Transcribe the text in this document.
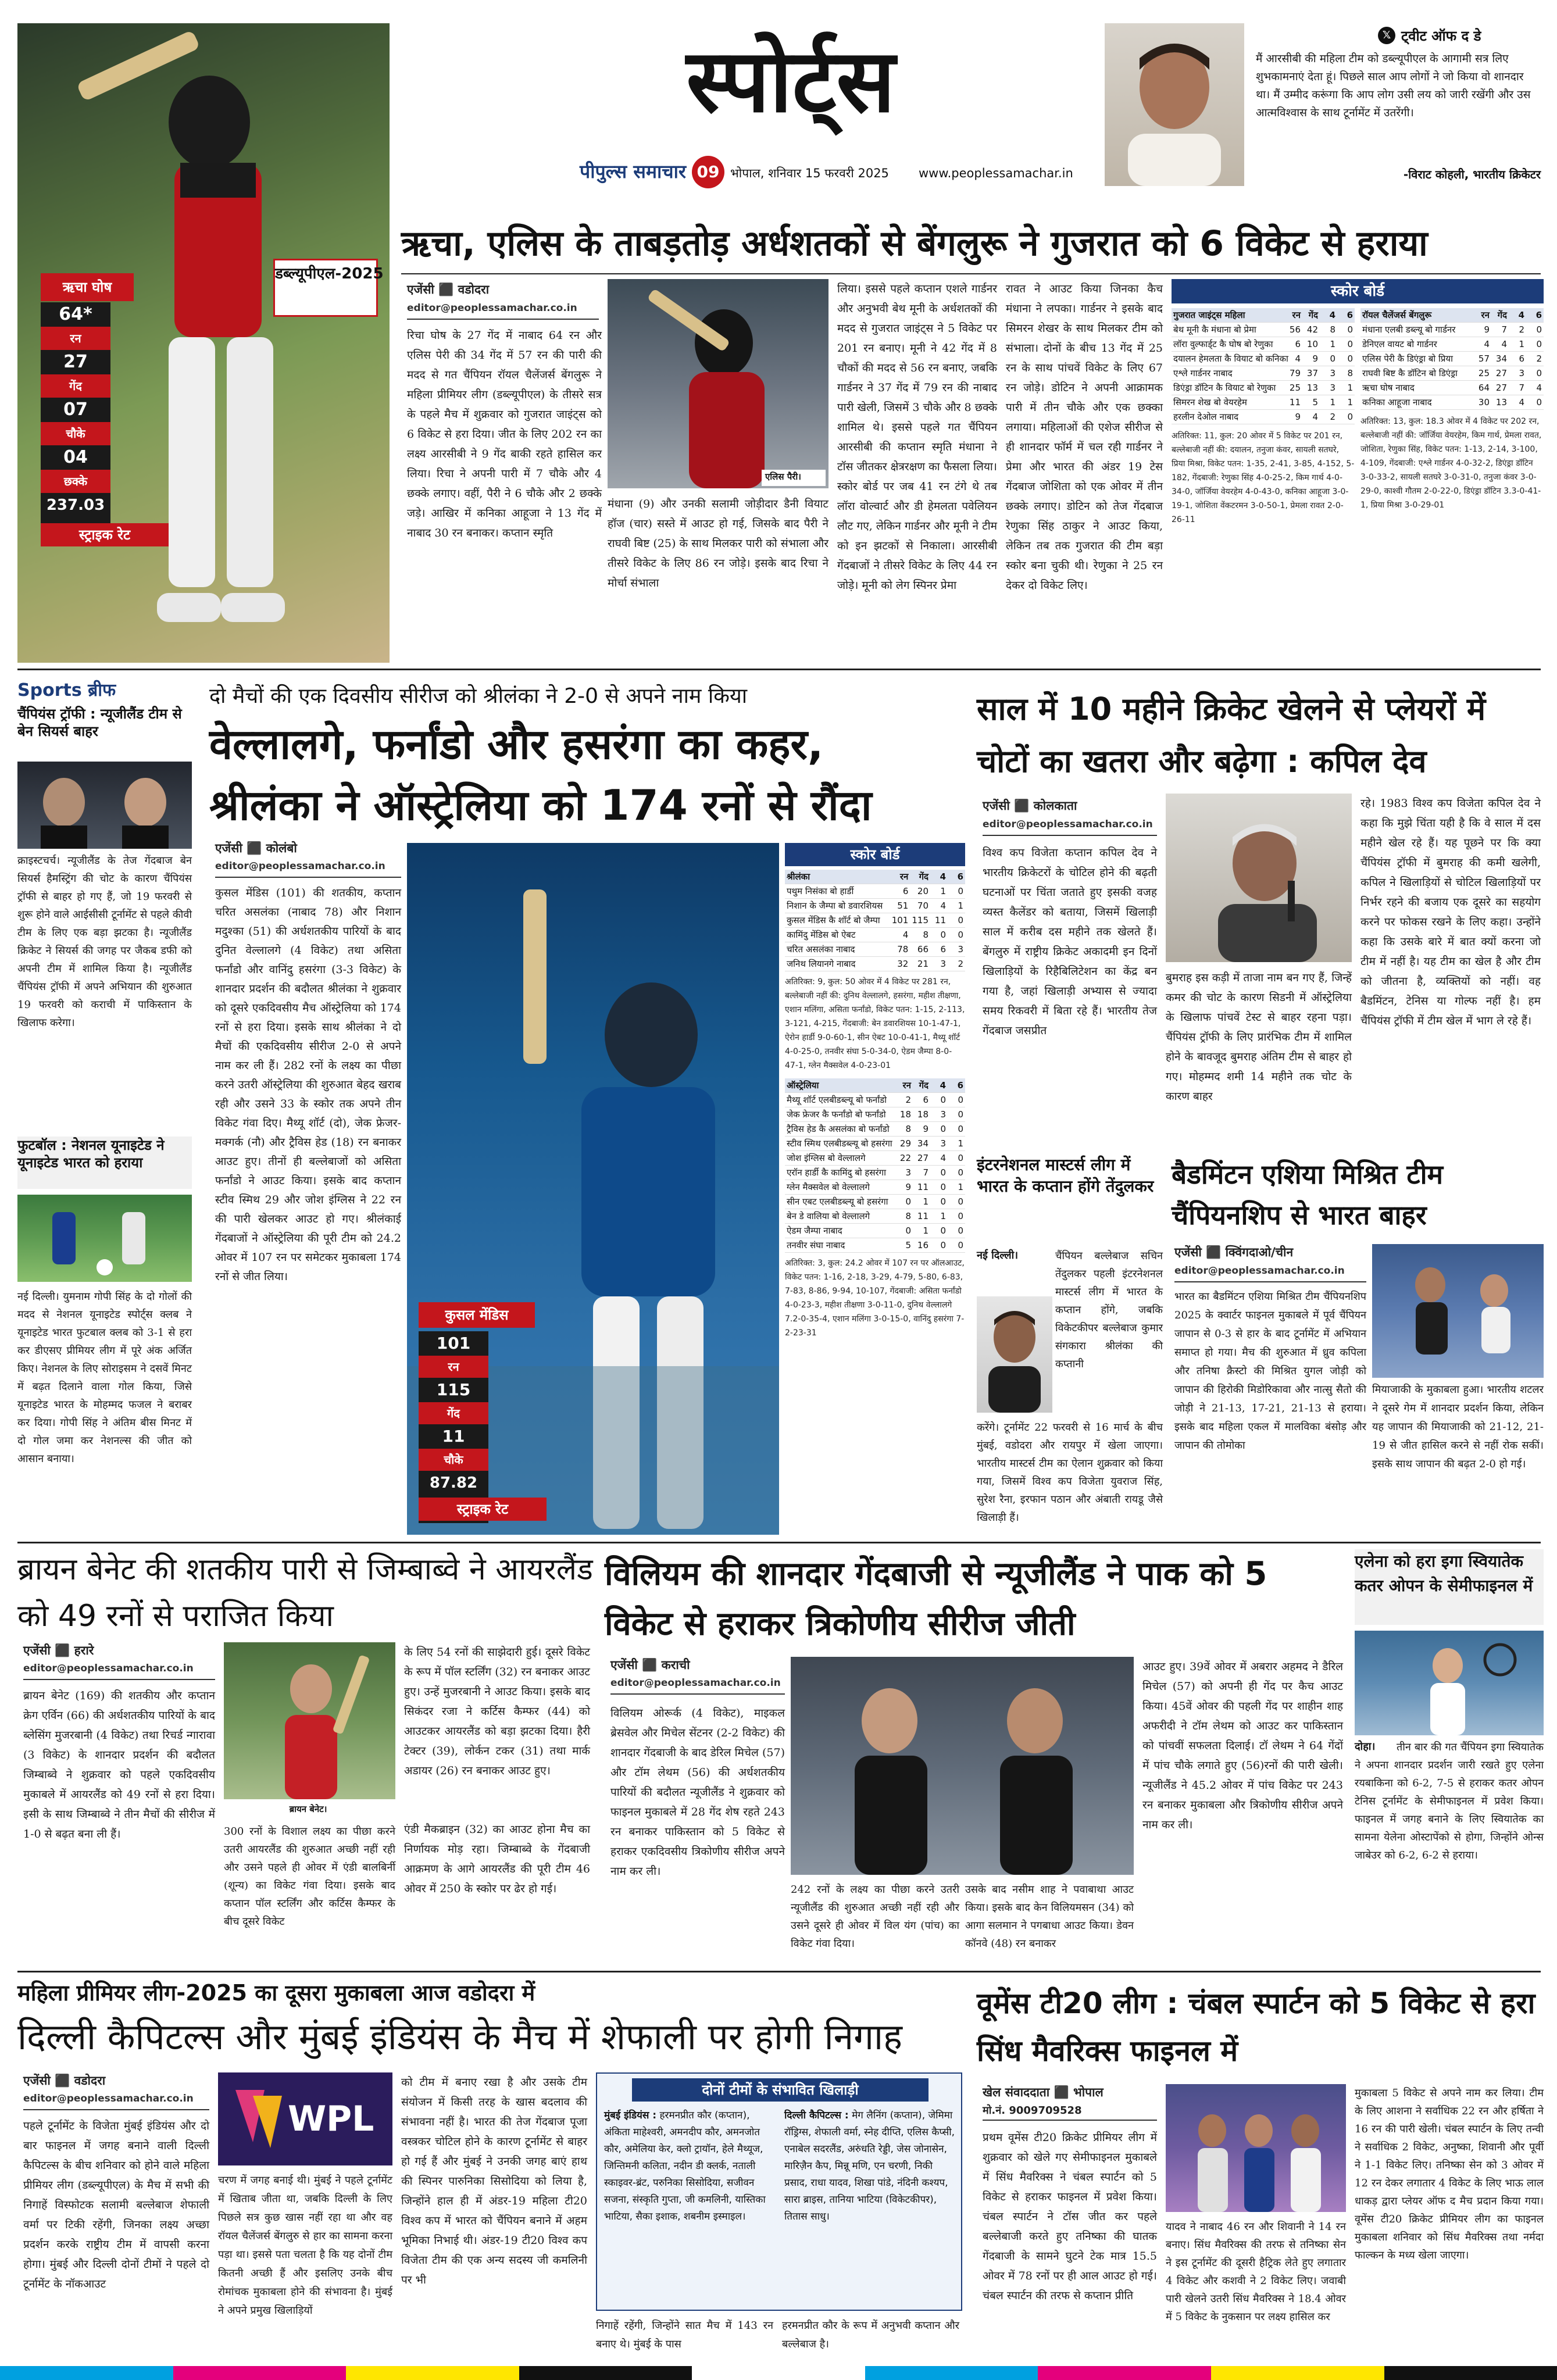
डब्ल्यूपीएल-2025
ऋचा घोष
64*
रन
27
गेंद
07
चौके
04
छक्के
237.03
स्ट्राइक रेट
स्पोर्ट्स
पीपुल्स समाचार 09 भोपाल, शनिवार 15 फरवरी 2025	www.peoplessamachar.in
𝕏 ट्वीट ऑफ द डे
मैं आरसीबी की महिला टीम को डब्ल्यूपीएल के आगामी सत्र लिए शुभकामनाएं देता हूं। पिछले साल आप लोगों ने जो किया वो शानदार था। मैं उम्मीद करूंगा कि आप लोग उसी लय को जारी रखेंगी और उस आत्मविश्वास के साथ टूर्नामेंट में उतरेंगी।
-विराट कोहली, भारतीय क्रिकेटर
ऋचा, एलिस के ताबड़तोड़ अर्धशतकों से बेंगलुरू ने गुजरात को 6 विकेट से हराया
एजेंसी ⬛ वडोदरा
editor@peoplessamachar.co.in
रिचा घोष के 27 गेंद में नाबाद 64 रन और एलिस पेरी की 34 गेंद में 57 रन की पारी की मदद से गत चैंपियन रॉयल चैलेंजर्स बेंगलुरू ने महिला प्रीमियर लीग (डब्ल्यूपीएल) के तीसरे सत्र के पहले मैच में शुक्रवार को गुजरात जाइंट्स को 6 विकेट से हरा दिया। जीत के लिए 202 रन का लक्ष्य आरसीबी ने 9 गेंद बाकी रहते हासिल कर लिया। रिचा ने अपनी पारी में 7 चौके और 4 छक्के लगाए। वहीं, पैरी ने 6 चौके और 2 छक्के जड़े। आखिर में कनिका आहूजा ने 13 गेंद में नाबाद 30 रन बनाकर। कप्तान स्मृति
एलिस पैरी।
मंधाना (9) और उनकी सलामी जोड़ीदार डैनी वियाट हॉज (चार) सस्ते में आउट हो गई, जिसके बाद पैरी ने राघवी बिष्ट (25) के साथ मिलकर पारी को संभाला और तीसरे विकेट के लिए 86 रन जोड़े। इसके बाद रिचा ने मोर्चा संभाला
लिया। इससे पहले कप्तान एशले गार्डनर और अनुभवी बेथ मूनी के अर्धशतकों की मदद से गुजरात जाइंट्स ने 5 विकेट पर 201 रन बनाए। मूनी ने 42 गेंद में 8 चौकों की मदद से 56 रन बनाए, जबकि गार्डनर ने 37 गेंद में 79 रन की नाबाद पारी खेली, जिसमें 3 चौके और 8 छक्के शामिल थे। इससे पहले गत चैंपियन आरसीबी की कप्तान स्मृति मंधाना ने टॉस जीतकर क्षेत्ररक्षण का फैसला लिया। स्कोर बोर्ड पर जब 41 रन टंगे थे तब लॉरा वोल्वार्ट और डी हेमलता पवेलियन लौट गए, लेकिन गार्डनर और मूनी ने टीम को इन झटकों से निकाला। आरसीबी गेंदबाजों ने तीसरे विकेट के लिए 44 रन जोड़े। मूनी को लेग स्पिनर प्रेमा
रावत ने आउट किया जिनका कैच मंधाना ने लपका। गार्डनर ने इसके बाद सिमरन शेखर के साथ मिलकर टीम को संभाला। दोनों के बीच 13 गेंद में 25 रन के साथ पांचवें विकेट के लिए 67 रन जोड़े। डोटिन ने अपनी आक्रामक पारी में तीन चौके और एक छक्का लगाया। महिलाओं की एशेज सीरीज से ही शानदार फॉर्म में चल रही गार्डनर ने प्रेमा और भारत की अंडर 19 टेस गेंदबाज जोशिता को एक ओवर में तीन छक्के लगाए। डोटिन को तेज गेंदबाज रेणुका सिंह ठाकुर ने आउट किया, लेकिन तब तक गुजरात की टीम बड़ा स्कोर बना चुकी थी। रेणुका ने 25 रन देकर दो विकेट लिए।
स्कोर बोर्ड
गुजरात जाइंट्स महिला	रन	गेंद	4	6
बेथ मूनी कै मंधाना बो प्रेमा	56	42	8	0
लॉरा वुल्फार्ड्ट कै घोष बो रेणुका	6	10	1	0
दयालन हेमलता कै वियाट बो कनिका	4	9	0	0
एश्ले गार्डनर नाबाद	79	37	3	8
डिएंड्रा डॉटिन कै वियाट बो रेणुका	25	13	3	1
सिमरन शेख बो वेयरहेम	11	5	1	1
हरलीन देओल नाबाद	9	4	2	0
अतिरिक्त: 11, कुल: 20 ओवर में 5 विकेट पर 201 रन, बल्लेबाजी नहीं की: दयालन, तनुजा कंवर, सायली सतघरे, प्रिया मिश्रा, विकेट पतन: 1-35, 2-41, 3-85, 4-152, 5-182, गेंदबाजी: रेणुका सिंह 4-0-25-2, किम गार्थ 4-0-34-0, जॉर्जिया वेयरहेम 4-0-43-0, कनिका आहूजा 3-0-19-1, जोशिता वेंकटरमन 3-0-50-1, प्रेमला रावत 2-0-26-11
रॉयल चैलेंजर्स बेंगलुरू	रन	गेंद	4	6
मंधाना एलबी डब्ल्यू बो गार्डनर	9	7	2	0
डेनिएल वायट बो गार्डनर	4	4	1	0
एलिस पेरी कै डिएंड्रा बो प्रिया	57	34	6	2
राघवी बिष्ट कै डॉटिन बो डिएंड्रा	25	27	3	0
ऋचा घोष नाबाद	64	27	7	4
कनिका आहूजा नाबाद	30	13	4	0
अतिरिक्त: 13, कुल: 18.3 ओवर में 4 विकेट पर 202 रन, बल्लेबाजी नहीं की: जॉर्जिया वेयरहेम, किम गार्थ, प्रेमला रावत, जोशिता, रेणुका सिंह, विकेट पतन: 1-13, 2-14, 3-100, 4-109, गेंदबाजी: एश्ले गार्डनर 4-0-32-2, डिएंड्रा डॉटिन 3-0-33-2, सायली सतघरे 3-0-31-0, तनुजा कंवर 3-0-29-0, काश्वी गौतम 2-0-22-0, डिएंड्रा डॉटिन 3.3-0-41-1, प्रिया मिश्रा 3-0-29-01
Sports ब्रीफ
चैंपियंस ट्रॉफी : न्यूजीलैंड टीम से बेन सियर्स बाहर
क्राइस्टचर्च। न्यूजीलैंड के तेज गेंदबाज बेन सियर्स हैमस्ट्रिंग की चोट के कारण चैंपियंस ट्रॉफी से बाहर हो गए हैं, जो 19 फरवरी से शुरू होने वाले आईसीसी टूर्नामेंट से पहले कीवी टीम के लिए एक बड़ा झटका है। न्यूजीलैंड क्रिकेट ने सियर्स की जगह पर जैकब डफी को अपनी टीम में शामिल किया है। न्यूजीलैंड चैंपियंस ट्रॉफी में अपने अभियान की शुरुआत 19 फरवरी को कराची में पाकिस्तान के खिलाफ करेगा।
फुटबॉल : नेशनल यूनाइटेड ने यूनाइटेड भारत को हराया
नई दिल्ली। युमनाम गोपी सिंह के दो गोलों की मदद से नेशनल यूनाइटेड स्पोर्ट्स क्लब ने यूनाइटेड भारत फुटबाल क्लब को 3-1 से हरा कर डीएसए प्रीमियर लीग में पूरे अंक अर्जित किए। नेशनल के लिए सोराइसम ने दसवें मिनट में बढ़त दिलाने वाला गोल किया, जिसे यूनाइटेड भारत के मोहम्मद फजल ने बराबर कर दिया। गोपी सिंह ने अंतिम बीस मिनट में दो गोल जमा कर नेशनल्स की जीत को आसान बनाया।
दो मैचों की एक दिवसीय सीरीज को श्रीलंका ने 2-0 से अपने नाम किया
वेल्लालगे, फर्नांडो और हसरंगा का कहर,
श्रीलंका ने ऑस्ट्रेलिया को 174 रनों से रौंदा
एजेंसी ⬛ कोलंबो
editor@peoplessamachar.co.in
कुसल मेंडिस (101) की शतकीय, कप्तान चरित असलंका (नाबाद 78) और निशान मदुश्का (51) की अर्धशतकीय पारियों के बाद दुनित वेल्लालगे (4 विकेट) तथा असिता फर्नांडो और वानिंदु हसरंगा (3-3 विकेट) के शानदार प्रदर्शन की बदौलत श्रीलंका ने शुक्रवार को दूसरे एकदिवसीय मैच ऑस्ट्रेलिया को 174 रनों से हरा दिया। इसके साथ श्रीलंका ने दो मैचों की एकदिवसीय सीरीज 2-0 से अपने नाम कर ली हैं। 282 रनों के लक्ष्य का पीछा करने उतरी ऑस्ट्रेलिया की शुरुआत बेहद खराब रही और उसने 33 के स्कोर तक अपने तीन विकेट गंवा दिए। मैथ्यू शॉर्ट (दो), जेक फ्रेजर-मक्गर्क (नौ) और ट्रैविस हेड (18) रन बनाकर आउट हुए। तीनों ही बल्लेबाजों को असिता फर्नांडो ने आउट किया। इसके बाद कप्तान स्टीव स्मिथ 29 और जोश इंग्लिस ने 22 रन की पारी खेलकर आउट हो गए। श्रीलंकाई गेंदबाजों ने ऑस्ट्रेलिया की पूरी टीम को 24.2 ओवर में 107 रन पर समेटकर मुकाबला 174 रनों से जीत लिया।
कुसल मेंडिस
101
रन
115
गेंद
11
चौके
87.82
स्ट्राइक रेट
स्कोर बोर्ड
श्रीलंका	रन	गेंद	4	6
पथुम निसंका बो हार्डी	6	20	1	0
निशान के जैम्पा बो डवारशियस	51	70	4	1
कुसल मेंडिस कै शॉर्ट बो जैम्पा	101	115	11	0
कामिंदु मेंडिस बो ऐबट	4	8	0	0
चरित असलंका नाबाद	78	66	6	3
जनिथ लियानगे नाबाद	32	21	3	2
अतिरिक्त: 9, कुल: 50 ओवर में 4 विकेट पर 281 रन, बल्लेबाजी नहीं की: दुनिथ वेल्लालगे, हसरंगा, महीश तीक्षणा, एशान मलिंगा, असिता फर्नांडो, विकेट पतन: 1-15, 2-113, 3-121, 4-215, गेंदबाजी: बेन डवारशियस 10-1-47-1, ऐरोन हार्डी 9-0-60-1, सीन ऐबट 10-0-41-1, मैथ्यू शॉर्ट 4-0-25-0, तनवीर संघा 5-0-34-0, ऐडम जैम्पा 8-0-47-1, ग्लेन मैक्सवेल 4-0-23-01
ऑस्ट्रेलिया	रन	गेंद	4	6
मैथ्यू शॉर्ट एलबीडब्ल्यू बो फर्नांडो	2	6	0	0
जेक फ्रेजर कै फर्नांडो बो फर्नांडो	18	18	3	0
ट्रैविस हेड कै असलंका बो फर्नांडो	8	9	0	0
स्टीव स्मिथ एलबीडब्ल्यू बो हसरंगा	29	34	3	1
जोश इंग्लिस बो वेल्लालगे	22	27	4	0
एरॉन हार्डी कै कामिंदु बो हसरंगा	3	7	0	0
ग्लेन मैक्सवेल बो वेल्लालगे	9	11	0	1
सीन एबट एलबीडब्ल्यू बो हसरंगा	0	1	0	0
बेन डे वालिया बो वेल्लालगे	8	11	1	0
ऐडम जैम्पा नाबाद	0	1	0	0
तनवीर संघा नाबाद	5	16	0	0
अतिरिक्त: 3, कुल: 24.2 ओवर में 107 रन पर ऑलआउट, विकेट पतन: 1-16, 2-18, 3-29, 4-79, 5-80, 6-83, 7-83, 8-86, 9-94, 10-107, गेंदबाजी: असिता फर्नांडो 4-0-23-3, महीश तीक्षणा 3-0-11-0, दुनिथ वेल्लालगे 7.2-0-35-4, एशान मलिंगा 3-0-15-0, वानिंदु हसरंगा 7-2-23-31
साल में 10 महीने क्रिकेट खेलने से प्लेयरों में चोटों का खतरा और बढ़ेगा : कपिल देव
एजेंसी ⬛ कोलकाता
editor@peoplessamachar.co.in
विश्व कप विजेता कप्तान कपिल देव ने भारतीय क्रिकेटरों के चोटिल होने की बढ़ती घटनाओं पर चिंता जताते हुए इसकी वजह व्यस्त कैलेंडर को बताया, जिसमें खिलाड़ी साल में करीब दस महीने तक खेलते हैं। बेंगलुरु में राष्ट्रीय क्रिकेट अकादमी इन दिनों खिलाड़ियों के रिहैबिलिटेशन का केंद्र बन गया है, जहां खिलाड़ी अभ्यास से ज्यादा समय रिकवरी में बिता रहे हैं। भारतीय तेज गेंदबाज जसप्रीत
बुमराह इस कड़ी में ताजा नाम बन गए हैं, जिन्हें कमर की चोट के कारण सिडनी में ऑस्ट्रेलिया के खिलाफ पांचवें टेस्ट से बाहर रहना पड़ा। चैंपियंस ट्रॉफी के लिए प्रारंभिक टीम में शामिल होने के बावजूद बुमराह अंतिम टीम से बाहर हो गए। मोहम्मद शमी 14 महीने तक चोट के कारण बाहर
रहे। 1983 विश्व कप विजेता कपिल देव ने कहा कि मुझे चिंता यही है कि वे साल में दस महीने खेल रहे हैं। यह पूछने पर कि क्या चैंपियंस ट्रॉफी में बुमराह की कमी खलेगी, कपिल ने खिलाड़ियों से चोटिल खिलाड़ियों पर निर्भर रहने की बजाय एक दूसरे का सहयोग करने पर फोकस रखने के लिए कहा। उन्होंने कहा कि उसके बारे में बात क्यों करना जो टीम में नहीं है। यह टीम का खेल है और टीम को जीतना है, व्यक्तियों को नहीं। वह बैडमिंटन, टेनिस या गोल्फ नहीं है। हम चैंपियंस ट्रॉफी में टीम खेल में भाग ले रहे हैं।
इंटरनेशनल मास्टर्स लीग में भारत के कप्तान होंगे तेंदुलकर
चैंपियन बल्लेबाज सचिन तेंदुलकर पहली इंटरनेशनल मास्टर्स लीग में भारत के कप्तान होंगे, जबकि विकेटकीपर बल्लेबाज कुमार संगकारा श्रीलंका की कप्तानी
नई दिल्ली।
करेंगे। टूर्नामेंट 22 फरवरी से 16 मार्च के बीच मुंबई, वडोदरा और रायपुर में खेला जाएगा। भारतीय मास्टर्स टीम का ऐलान शुक्रवार को किया गया, जिसमें विश्व कप विजेता युवराज सिंह, सुरेश रैना, इरफान पठान और अंबाती रायडू जैसे खिलाड़ी हैं।
बैडमिंटन एशिया मिश्रित टीम चैंपियनशिप से भारत बाहर
एजेंसी ⬛ क्विंगदाओ/चीन
editor@peoplessamachar.co.in
भारत का बैडमिंटन एशिया मिश्रित टीम चैंपियनशिप 2025 के क्वार्टर फाइनल मुकाबले में पूर्व चैंपियन जापान से 0-3 से हार के बाद टूर्नामेंट में अभियान समाप्त हो गया। मैच की शुरुआत में ध्रुव कपिला और तनिषा क्रैस्टो की मिश्रित युगल जोड़ी को जापान की हिरोकी मिडोरिकावा और नात्सु सैतो की जोड़ी ने 21-13, 17-21, 21-13 से हराया। इसके बाद महिला एकल में मालविका बंसोड़ और जापान की तोमोका
मियाजाकी के मुकाबला हुआ। भारतीय शटलर ने दूसरे गेम में शानदार प्रदर्शन किया, लेकिन यह जापान की मियाजाकी को 21-12, 21-19 से जीत हासिल करने से नहीं रोक सकीं। इसके साथ जापान की बढ़त 2-0 हो गई।
ब्रायन बेनेट की शतकीय पारी से जिम्बाब्वे ने आयरलैंड को 49 रनों से पराजित किया
एजेंसी ⬛ हरारे
editor@peoplessamachar.co.in
ब्रायन बेनेट (169) की शतकीय और कप्तान क्रेग एर्विन (66) की अर्धशतकीय पारियों के बाद ब्लेसिंग मुजरबानी (4 विकेट) तथा रिचर्ड न्गारावा (3 विकेट) के शानदार प्रदर्शन की बदौलत जिम्बाब्वे ने शुक्रवार को पहले एकदिवसीय मुकाबले में आयरलैंड को 49 रनों से हरा दिया। इसी के साथ जिम्बाब्वे ने तीन मैचों की सीरीज में 1-0 से बढ़त बना ली हैं।
ब्रायन बेनेट।
300 रनों के विशाल लक्ष्य का पीछा करने उतरी आयरलैंड की शुरुआत अच्छी नहीं रही और उसने पहले ही ओवर में एंडी बालबिर्नी (शून्य) का विकेट गंवा दिया। इसके बाद कप्तान पॉल स्टर्लिंग और कर्टिस कैम्फर के बीच दूसरे विकेट
के लिए 54 रनों की साझेदारी हुई। दूसरे विकेट के रूप में पॉल स्टर्लिंग (32) रन बनाकर आउट हुए। उन्हें मुजरबानी ने आउट किया। इसके बाद सिकंदर रजा ने कर्टिस कैम्फर (44) को आउटकर आयरलैंड को बड़ा झटका दिया। हैरी टेक्टर (39), लोर्कन टकर (31) तथा मार्क अडायर (26) रन बनाकर आउट हुए।
एंडी मैकब्राइन (32) का आउट होना मैच का निर्णायक मोड़ रहा। जिम्बाब्वे के गेंदबाजी आक्रमण के आगे आयरलैंड की पूरी टीम 46 ओवर में 250 के स्कोर पर ढेर हो गई।
विलियम की शानदार गेंदबाजी से न्यूजीलैंड ने पाक को 5 विकेट से हराकर त्रिकोणीय सीरीज जीती
एजेंसी ⬛ कराची
editor@peoplessamachar.co.in
विलियम ओरूर्क (4 विकेट), माइकल ब्रेसवेल और मिचेल सेंटनर (2-2 विकेट) की शानदार गेंदबाजी के बाद डेरिल मिचेल (57) और टॉम लेथम (56) की अर्धशतकीय पारियों की बदौलत न्यूजीलैंड ने शुक्रवार को फाइनल मुकाबले में 28 गेंद शेष रहते 243 रन बनाकर पाकिस्तान को 5 विकेट से हराकर एकदिवसीय त्रिकोणीय सीरीज अपने नाम कर ली।
242 रनों के लक्ष्य का पीछा करने उतरी न्यूजीलैंड की शुरुआत अच्छी नहीं रही और उसने दूसरे ही ओवर में विल यंग (पांच) का विकेट गंवा दिया।
उसके बाद नसीम शाह ने पवाबाथा आउट किया। इसके बाद केन विलियमसन (34) को आगा सलमान ने पगबाधा आउट किया। डेवन कॉनवे (48) रन बनाकर
आउट हुए। 39वें ओवर में अबरार अहमद ने डैरिल मिचेल (57) को अपनी ही गेंद पर कैच आउट किया। 45वें ओवर की पहली गेंद पर शाहीन शाह अफरीदी ने टॉम लेथम को आउट कर पाकिस्तान को पांचवीं सफलता दिलाई। टॉ लेथम ने 64 गेंदों में पांच चौके लगाते हुए (56)रनों की पारी खेली। न्यूजीलैंड ने 45.2 ओवर में पांच विकेट पर 243 रन बनाकर मुकाबला और त्रिकोणीय सीरीज अपने नाम कर ली।
एलेना को हरा इगा स्वियातेक कतर ओपन के सेमीफाइनल में
दोहा।	तीन बार की गत चैंपियन इगा स्वियातेक ने अपना शानदार प्रदर्शन जारी रखते हुए एलेना रयबाकिना को 6-2, 7-5 से हराकर कतर ओपन टेनिस टूर्नामेंट के सेमीफाइनल में प्रवेश किया। फाइनल में जगह बनाने के लिए स्वियातेक का सामना येलेना ओस्टापेंको से होगा, जिन्होंने ओन्स जाबेउर को 6-2, 6-2 से हराया।
महिला प्रीमियर लीग-2025 का दूसरा मुकाबला आज वडोदरा में
दिल्ली कैपिटल्स और मुंबई इंडियंस के मैच में शेफाली पर होगी निगाह
एजेंसी ⬛ वडोदरा
editor@peoplessamachar.co.in
पहले टूर्नामेंट के विजेता मुंबई इंडियंस और दो बार फाइनल में जगह बनाने वाली दिल्ली कैपिटल्स के बीच शनिवार को होने वाले महिला प्रीमियर लीग (डब्ल्यूपीएल) के मैच में सभी की निगाहें विस्फोटक सलामी बल्लेबाज शेफाली वर्मा पर टिकी रहेंगी, जिनका लक्ष्य अच्छा प्रदर्शन करके राष्ट्रीय टीम में वापसी करना होगा। मुंबई और दिल्ली दोनों टीमों ने पहले दो टूर्नामेंट के नॉकआउट
WPL
चरण में जगह बनाई थी। मुंबई ने पहले टूर्नामेंट में खिताब जीता था, जबकि दिल्ली के लिए पिछले सत्र कुछ खास नहीं रहा था और वह रॉयल चैलेंजर्स बेंगलुरु से हार का सामना करना पड़ा था। इससे पता चलता है कि यह दोनों टीम कितनी अच्छी हैं और इसलिए उनके बीच रोमांचक मुकाबला होने की संभावना है। मुंबई ने अपने प्रमुख खिलाड़ियों
को टीम में बनाए रखा है और उसके टीम संयोजन में किसी तरह के खास बदलाव की संभावना नहीं है। भारत की तेज गेंदबाज पूजा वस्त्रकर चोटिल होने के कारण टूर्नामेंट से बाहर हो गई हैं और मुंबई ने उनकी जगह बाएं हाथ की स्पिनर पारुनिका सिसोदिया को लिया है, जिन्होंने हाल ही में अंडर-19 महिला टी20 विश्व कप में भारत को चैंपियन बनाने में अहम भूमिका निभाई थी। अंडर-19 टी20 विश्व कप विजेता टीम की एक अन्य सदस्य जी कमलिनी पर भी
दोनों टीमों के संभावित खिलाड़ी
मुंबई इंडियंस : हरमनप्रीत कौर (कप्तान), अंकिता माहेश्वरी, अमनदीप कौर, अमनजोत कौर, अमेलिया केर, क्लो ट्रायॉन, हेले मैथ्यूज, जिन्तिमनी कलिता, नदीन डी क्लर्क, नताली स्काइवर-ब्रंट, परुनिका सिसोदिया, सजीवन सजना, संस्कृति गुप्ता, जी कमलिनी, यास्तिका भाटिया, सैका इशाक, शबनीम इस्माइल।
दिल्ली कैपिटल्स : मेग लैनिंग (कप्तान), जेमिमा रॉड्रिग्स, शेफाली वर्मा, स्नेह दीप्ति, एलिस कैप्सी, एनाबेल सदरलैंड, अरुंधति रेड्डी, जेस जोनासेन, मारिज़ैन कैप, मिन्नू मणि, एन चरणी, निकी प्रसाद, राधा यादव, शिखा पांडे, नंदिनी कश्यप, सारा ब्राइस, तानिया भाटिया (विकेटकीपर), तितास साधु।
निगाहें रहेंगी, जिन्होंने सात मैच में 143 रन बनाए थे। मुंबई के पास
हरमनप्रीत कौर के रूप में अनुभवी कप्तान और बल्लेबाज है।
वूमेंस टी20 लीग : चंबल स्पार्टन को 5 विकेट से हरा सिंध मैवरिक्स फाइनल में
खेल संवाददाता ⬛ भोपाल
मो.नं. 9009709528
प्रथम वूमेंस टी20 क्रिकेट प्रीमियर लीग में शुक्रवार को खेले गए सेमीफाइनल मुकाबले में सिंध मैवरिक्स ने चंबल स्पार्टन को 5 विकेट से हराकर फाइनल में प्रवेश किया। चंबल स्पार्टन ने टॉस जीत कर पहले बल्लेबाजी करते हुए तनिष्का की घातक गेंदबाजी के सामने घुटने टेक मात्र 15.5 ओवर में 78 रनों पर ही आल आउट हो गई। चंबल स्पार्टन की तरफ से कप्तान प्रीति
यादव ने नाबाद 46 रन और शिवानी ने 14 रन बनाए। सिंध मैवरिक्स की तरफ से तनिष्का सेन ने इस टूर्नामेंट की दूसरी हैट्रिक लेते हुए लगातार 4 विकेट और कशवी ने 2 विकेट लिए। जवाबी पारी खेलने उतरी सिंध मैवरिक्स ने 18.4 ओवर में 5 विकेट के नुकसान पर लक्ष्य हासिल कर
मुकाबला 5 विकेट से अपने नाम कर लिया। टीम के लिए आशना ने सर्वाधिक 22 रन और हर्षिता ने 16 रन की पारी खेली। चंबल स्पार्टन के लिए तन्वी ने सर्वाधिक 2 विकेट, अनुष्का, शिवानी और पूर्वी ने 1-1 विकेट लिए। तनिष्का सेन को 3 ओवर में 12 रन देकर लगातार 4 विकेट के लिए भाऊ लाल धाकड़ द्वारा प्लेयर ऑफ द मैच प्रदान किया गया। वूमेंस टी20 क्रिकेट प्रीमियर लीग का फाइनल मुकाबला शनिवार को सिंध मैवरिक्स तथा नर्मदा फाल्कन के मध्य खेला जाएगा।
